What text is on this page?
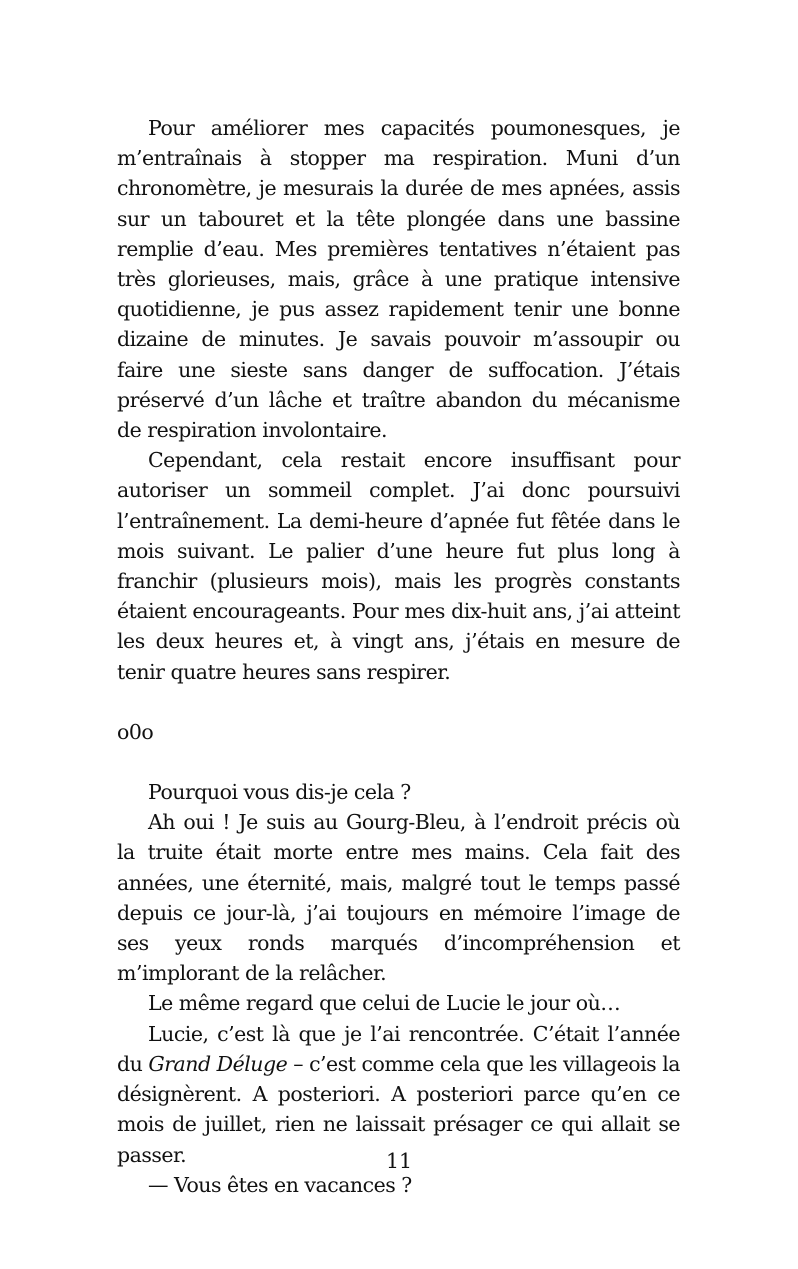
Pour améliorer mes capacités poumonesques, je m’entraînais à stopper ma respiration. Muni d’un chronomètre, je mesurais la durée de mes apnées, assis sur un tabouret et la tête plongée dans une bassine remplie d’eau. Mes premières tentatives n’étaient pas très glorieuses, mais, grâce à une pratique intensive quotidienne, je pus assez rapidement tenir une bonne dizaine de minutes. Je savais pouvoir m’assoupir ou faire une sieste sans danger de suffocation. J’étais préservé d’un lâche et traître abandon du mécanisme de respiration involontaire.

Cependant, cela restait encore insuffisant pour autoriser un sommeil complet. J’ai donc poursuivi l’entraînement. La demi-heure d’apnée fut fêtée dans le mois suivant. Le palier d’une heure fut plus long à franchir (plusieurs mois), mais les progrès constants étaient encourageants. Pour mes dix-huit ans, j’ai atteint les deux heures et, à vingt ans, j’étais en mesure de tenir quatre heures sans respirer.

o0o

Pourquoi vous dis-je cela ?

Ah oui ! Je suis au Gourg-Bleu, à l’endroit précis où la truite était morte entre mes mains. Cela fait des années, une éternité, mais, malgré tout le temps passé depuis ce jour-là, j’ai toujours en mémoire l’image de ses yeux ronds marqués d’incompréhension et m’implorant de la relâcher.

Le même regard que celui de Lucie le jour où…

Lucie, c’est là que je l’ai rencontrée. C’était l’année du Grand Déluge – c’est comme cela que les villageois la désignèrent. A posteriori. A posteriori parce qu’en ce mois de juillet, rien ne laissait présager ce qui allait se passer.

— Vous êtes en vacances ?

11
